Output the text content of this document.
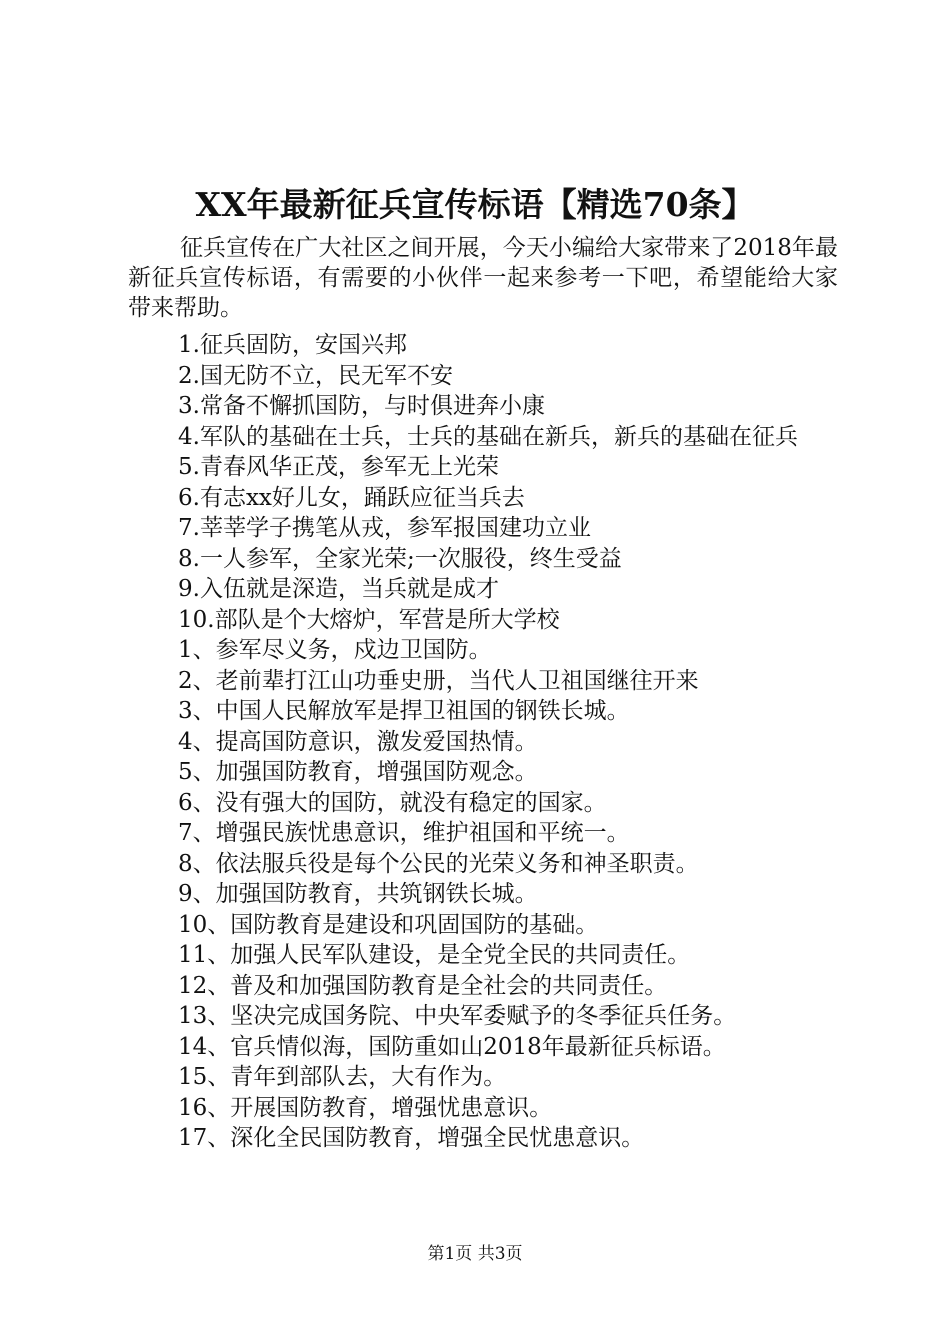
XX年最新征兵宣传标语【精选70条】

征兵宣传在广大社区之间开展，今天小编给大家带来了2018年最新征兵宣传标语，有需要的小伙伴一起来参考一下吧，希望能给大家带来帮助。

1.征兵固防，安国兴邦
2.国无防不立，民无军不安
3.常备不懈抓国防，与时俱进奔小康
4.军队的基础在士兵，士兵的基础在新兵，新兵的基础在征兵
5.青春风华正茂，参军无上光荣
6.有志xx好儿女，踊跃应征当兵去
7.莘莘学子携笔从戎，参军报国建功立业
8.一人参军，全家光荣;一次服役，终生受益
9.入伍就是深造，当兵就是成才
10.部队是个大熔炉，军营是所大学校
1、参军尽义务，戍边卫国防。
2、老前辈打江山功垂史册，当代人卫祖国继往开来
3、中国人民解放军是捍卫祖国的钢铁长城。
4、提高国防意识，激发爱国热情。
5、加强国防教育，增强国防观念。
6、没有强大的国防，就没有稳定的国家。
7、增强民族忧患意识，维护祖国和平统一。
8、依法服兵役是每个公民的光荣义务和神圣职责。
9、加强国防教育，共筑钢铁长城。
10、国防教育是建设和巩固国防的基础。
11、加强人民军队建设，是全党全民的共同责任。
12、普及和加强国防教育是全社会的共同责任。
13、坚决完成国务院、中央军委赋予的冬季征兵任务。
14、官兵情似海，国防重如山2018年最新征兵标语。
15、青年到部队去，大有作为。
16、开展国防教育，增强忧患意识。
17、深化全民国防教育，增强全民忧患意识。
第1页 共3页
